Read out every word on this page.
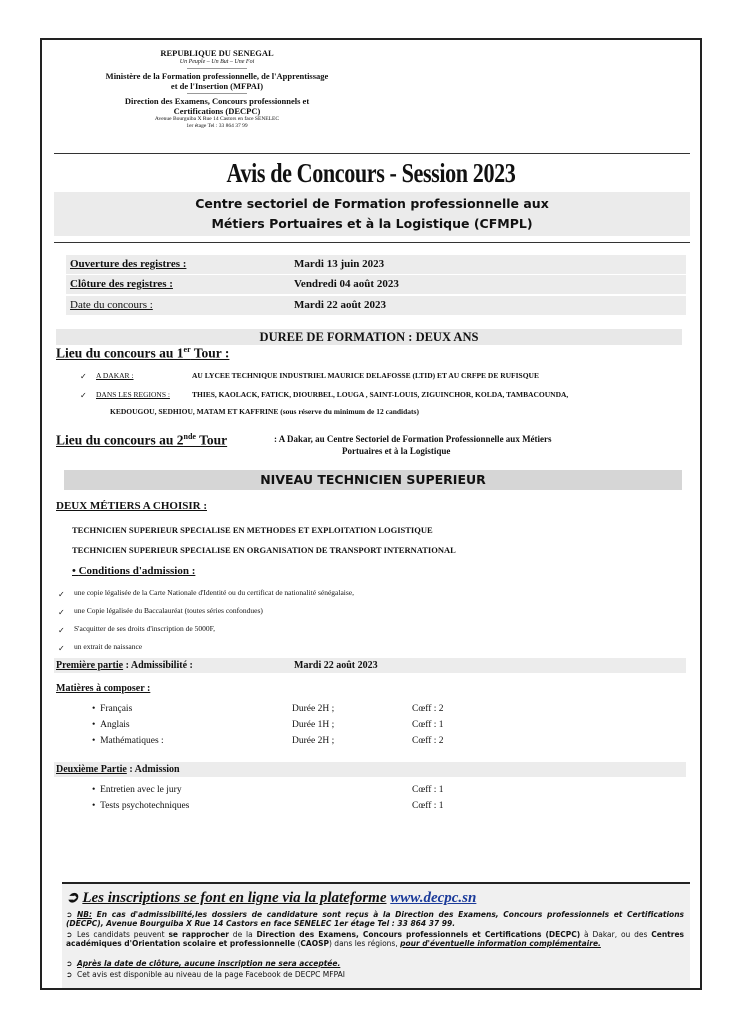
REPUBLIQUE DU SENEGAL
Un Peuple – Un But – Une Foi
Ministère de la Formation professionnelle, de l'Apprentissage et de l'Insertion (MFPAI)
Direction des Examens, Concours professionnels et Certifications (DECPC)
Avenue Bourguiba X Rue 14 Castors en face SENELEC
1er étage Tel : 33 864 37 99
Avis de Concours - Session 2023
Centre sectoriel de Formation professionnelle aux
Métiers Portuaires et à la Logistique (CFMPL)
Ouverture des registres :	Mardi 13 juin 2023
Clôture des registres :	Vendredi 04 août 2023
Date du concours :	Mardi 22 août 2023
DUREE DE FORMATION : DEUX ANS
Lieu du concours au 1er Tour :
✓ A DAKAR :	AU LYCEE TECHNIQUE INDUSTRIEL MAURICE DELAFOSSE (LTID) ET AU CRFPE DE RUFISQUE
✓ DANS LES REGIONS :	THIES, KAOLACK, FATICK, DIOURBEL, LOUGA , SAINT-LOUIS, ZIGUINCHOR, KOLDA, TAMBACOUNDA,
KEDOUGOU, SEDHIOU, MATAM ET KAFFRINE (sous réserve du minimum de 12 candidats)
Lieu du concours au 2nde Tour	: A Dakar, au Centre Sectoriel de Formation Professionnelle aux Métiers
Portuaires et à la Logistique
NIVEAU TECHNICIEN SUPERIEUR
DEUX MÉTIERS A CHOISIR :
TECHNICIEN SUPERIEUR SPECIALISE EN METHODES ET EXPLOITATION LOGISTIQUE
TECHNICIEN SUPERIEUR SPECIALISE EN ORGANISATION DE TRANSPORT INTERNATIONAL
• Conditions d'admission :
✓ une copie légalisée de la Carte Nationale d'Identité ou du certificat de nationalité sénégalaise,
✓ une Copie légalisée du Baccalauréat (toutes séries confondues)
✓ S'acquitter de ses droits d'inscription de 5000F,
✓ un extrait de naissance
Première partie : Admissibilité :	Mardi 22 août 2023
Matières à composer :
•  Français	Durée 2H ;	Cœff : 2
•  Anglais	Durée 1H ;	Cœff : 1
•  Mathématiques :	Durée 2H ;	Cœff : 2
Deuxième Partie : Admission
•  Entretien avec le jury	Cœff : 1
•  Tests psychotechniques	Cœff : 1
➲ Les inscriptions se font en ligne via la plateforme www.decpc.sn
➲ NB: En cas d'admissibilité,les dossiers de candidature sont reçus à la Direction des Examens, Concours professionnels et Certifications (DECPC), Avenue Bourguiba X Rue 14 Castors en face SENELEC 1er étage Tel : 33 864 37 99.
➲ Les candidats peuvent se rapprocher de la Direction des Examens, Concours professionnels et Certifications (DECPC) à Dakar, ou des Centres académiques d'Orientation scolaire et professionnelle (CAOSP) dans les régions, pour d'éventuelle information complémentaire.
➲ Après la date de clôture, aucune inscription ne sera acceptée.
➲ Cet avis est disponible au niveau de la page Facebook de DECPC MFPAI
